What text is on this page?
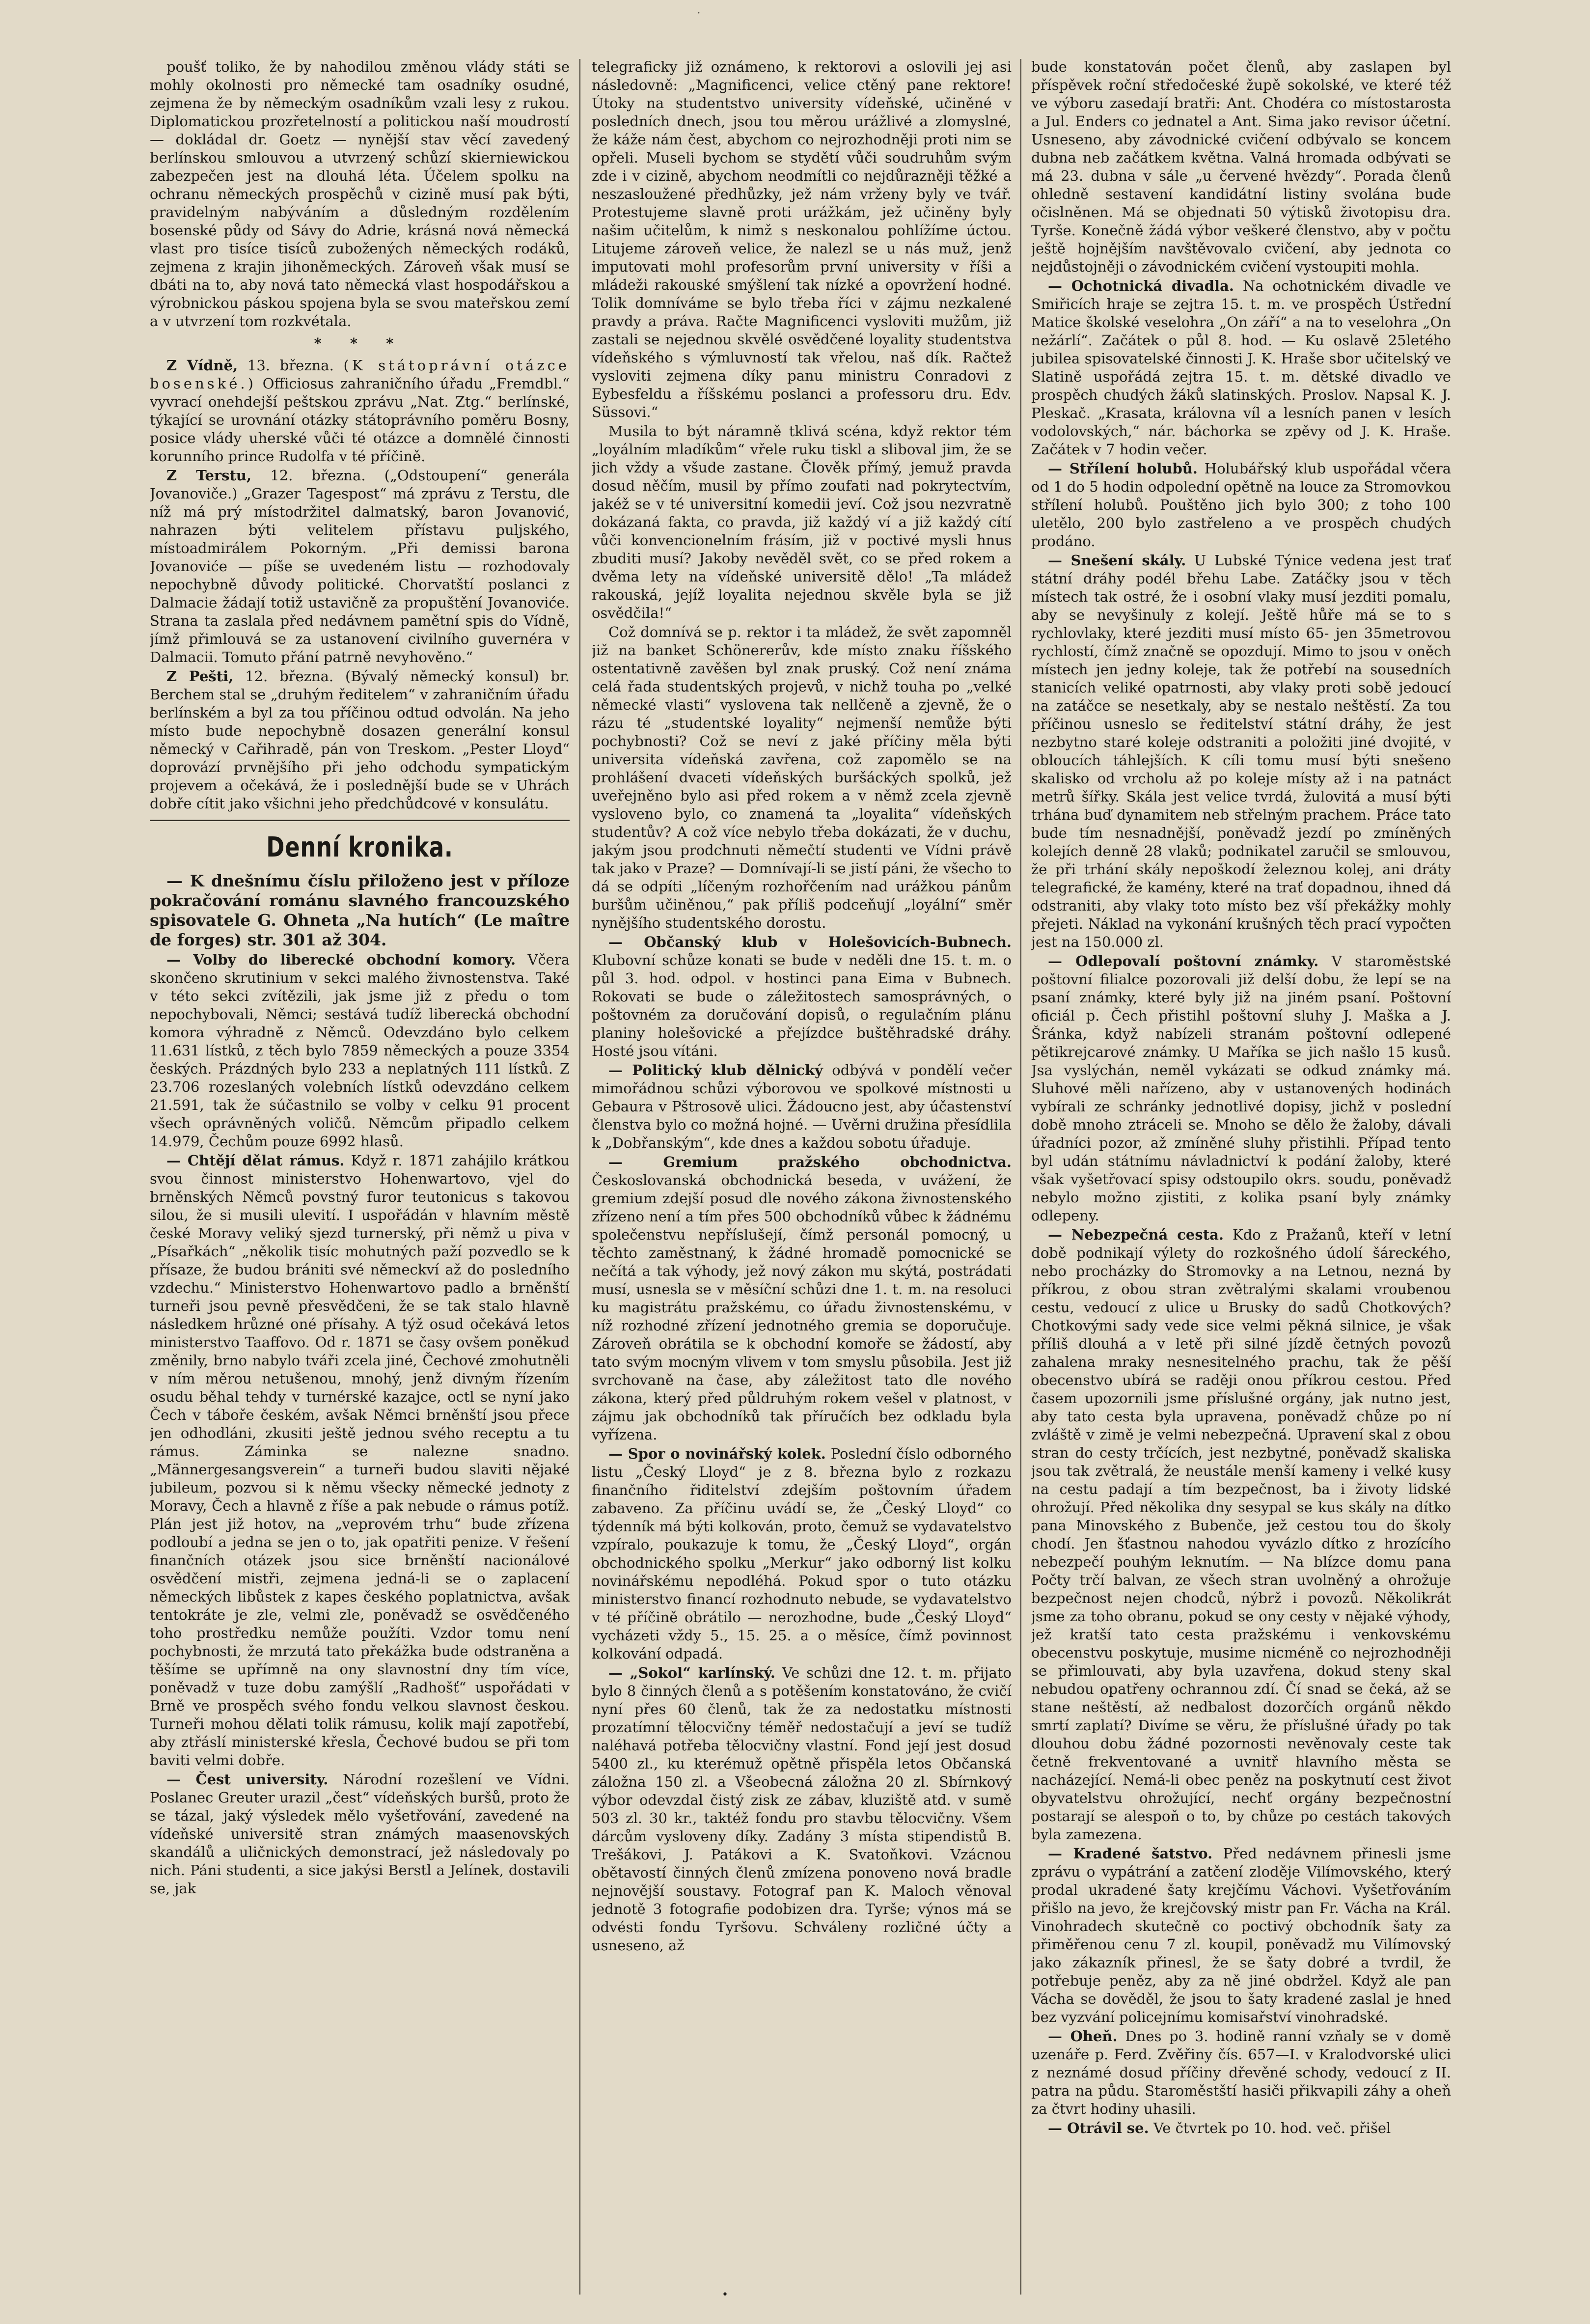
·

poušť toliko, že by nahodilou změnou vlády státi se mohly okolnosti pro německé tam osadníky osudné, zejmena že by německým osadníkům vzali lesy z rukou. Diplomatickou prozřetelností a politickou naší moudrostí — dokládal dr. Goetz — nynější stav věcí zavedený berlínskou smlouvou a utvrzený schůzí skierniewickou zabezpečen jest na dlouhá léta. Účelem spolku na ochranu německých prospěchů v cizině musí pak býti, pravidelným nabýváním a důsledným rozdělením bosenské půdy od Sávy do Adrie, krásná nová německá vlast pro tisíce tisíců zubožených německých rodáků, zejmena z krajin jihoněmeckých. Zároveň však musí se dbáti na to, aby nová tato německá vlast hospodářskou a výrobnickou páskou spojena byla se svou mateřskou zemí a v utvrzení tom rozkvétala.

* * *

Z Vídně, 13. března. (K státoprávní otázce bosenské.) Officiosus zahraničního úřadu „Fremdbl.“ vyvrací onehdejší peštskou zprávu „Nat. Ztg.“ berlínské, týkající se urovnání otázky státoprávního poměru Bosny, posice vlády uherské vůči té otázce a domnělé činnosti korunního prince Rudolfa v té příčině.

Z Terstu, 12. března. („Odstoupení“ generála Jovanoviče.) „Grazer Tagespost“ má zprávu z Terstu, dle níž má prý místodržitel dalmatský, baron Jovanović, nahrazen býti velitelem přístavu puljského, místoadmirálem Pokorným. „Při demissi barona Jovanoviće — píše se uvedeném listu — rozhodovaly nepochybně důvody politické. Chorvatští poslanci z Dalmacie žádají totiž ustavičně za propuštění Jovanoviće. Strana ta zaslala před nedávnem pamětní spis do Vídně, jímž přimlouvá se za ustanovení civilního guvernéra v Dalmacii. Tomuto přání patrně nevyhověno.“

Z Pešti, 12. března. (Bývalý německý konsul) br. Berchem stal se „druhým ředitelem“ v zahraničním úřadu berlínském a byl za tou příčinou odtud odvolán. Na jeho místo bude nepochybně dosazen generální konsul německý v Cařihradě, pán von Treskom. „Pester Lloyd“ doprovází prvnějšího při jeho odchodu sympatickým projevem a očekává, že i poslednější bude se v Uhrách dobře cítit jako všichni jeho předchůdcové v konsulátu.

Denní kronika.

— K dnešnímu číslu přiloženo jest v příloze pokračování románu slavného francouzského spisovatele G. Ohneta „Na hutích“ (Le maître de forges) str. 301 až 304.

— Volby do liberecké obchodní komory. Včera skončeno skrutinium v sekci malého živnostenstva. Také v této sekci zvítězili, jak jsme již z předu o tom nepochybovali, Němci; sestává tudíž liberecká obchodní komora výhradně z Němců. Odevzdáno bylo celkem 11.631 lístků, z těch bylo 7859 německých a pouze 3354 českých. Prázdných bylo 233 a neplatných 111 lístků. Z 23.706 rozeslaných volebních lístků odevzdáno celkem 21.591, tak že súčastnilo se volby v celku 91 procent všech oprávněných voličů. Němcům připadlo celkem 14.979, Čechům pouze 6992 hlasů.

— Chtějí dělat rámus. Když r. 1871 zahájilo krátkou svou činnost ministerstvo Hohenwartovo, vjel do brněnských Němců povstný furor teutonicus s takovou silou, že si musili ulevití. I uspořádán v hlavním městě české Moravy veliký sjezd turnerský, při němž u piva v „Písařkách“ „několik tisíc mohutných paží pozvedlo se k přísaze, že budou brániti své německví až do posledního vzdechu.“ Ministerstvo Hohenwartovo padlo a brněnští turneři jsou pevně přesvědčeni, že se tak stalo hlavně následkem hrůzné oné přísahy. A týž osud očekává letos ministerstvo Taaffovo. Od r. 1871 se časy ovšem poněkud změnily, brno nabylo tváři zcela jiné, Čechové zmohutněli v ním měrou netušenou, mnohý, jenž divným řízením osudu běhal tehdy v turnérské kazajce, octl se nyní jako Čech v táboře českém, avšak Němci brněnští jsou přece jen odhodláni, zkusiti ještě jednou svého receptu a tu rámus. Záminka se nalezne snadno. „Männergesangsverein“ a turneři budou slaviti nějaké jubileum, pozvou si k němu všecky německé jednoty z Moravy, Čech a hlavně z říše a pak nebude o rámus potíž. Plán jest již hotov, na „veprovém trhu“ bude zřízena podloubí a jedna se jen o to, jak opatřiti penize. V řešení finančních otázek jsou sice brněnští nacionálové osvědčení mistři, zejmena jedná-li se o zaplacení německých libůstek z kapes českého poplatnictva, avšak tentokráte je zle, velmi zle, poněvadž se osvědčeného toho prostředku nemůže použíti. Vzdor tomu není pochybnosti, že mrzutá tato překážka bude odstraněna a těšíme se upřímně na ony slavnostní dny tím více, poněvadž v tuze dobu zamýšlí „Radhošť“ uspořádati v Brně ve prospěch svého fondu velkou slavnost českou. Turneři mohou dělati tolik rámusu, kolik mají zapotřebí, aby ztřáslí ministerské křesla, Čechové budou se při tom baviti velmi dobře.

— Čest university. Národní rozešlení ve Vídni. Poslanec Greuter urazil „čest“ vídeňských buršů, proto že se tázal, jaký výsledek mělo vyšetřování, zavedené na vídeňské universitě stran známých maasenovských skandálů a uličnických demonstrací, jež následovaly po nich. Páni studenti, a sice jakýsi Berstl a Jelínek, dostavili se, jak

telegraficky již oznámeno, k rektorovi a oslovili jej asi následovně: „Magnificenci, velice ctěný pane rektore! Útoky na studentstvo university vídeňské, učiněné v posledních dnech, jsou tou měrou urážlivé a zlomyslné, že káže nám čest, abychom co nejrozhodněji proti nim se opřeli. Museli bychom se stydětí vůči soudruhům svým zde i v cizině, abychom neodmítli co nejdůrazněji těžké a neszasloužené předhůzky, jež nám vrženy byly ve tvář. Protestujeme slavně proti urážkám, jež učiněny byly našim učitelům, k nimž s neskonalou pohlížíme úctou. Litujeme zároveň velice, že nalezl se u nás muž, jenž imputovati mohl profesorům první university v říši a mládeži rakouské smýšlení tak nízké a opovržení hodné. Tolik domníváme se bylo třeba říci v zájmu nezkalené pravdy a práva. Račte Magnificenci vysloviti mužům, již zastali se nejednou skvělé osvědčené loyality studentstva vídeňského s výmluvností tak vřelou, naš dík. Račtež vysloviti zejmena díky panu ministru Conradovi z Eybesfeldu a říšskému poslanci a professoru dru. Edv. Süssovi.“

Musila to být náramně tklivá scéna, když rektor tém „loyálním mladíkům“ vřele ruku tiskl a sliboval jim, že se jich vždy a všude zastane. Člověk přímý, jemuž pravda dosud něčím, musil by přímo zoufati nad pokrytectvím, jakéž se v té universitní komedii jeví. Což jsou nezvratně dokázaná fakta, co pravda, již každý ví a již každý cítí vůči konvencionelním frásím, již v poctivé mysli hnus zbuditi musí? Jakoby nevěděl svět, co se před rokem a dvěma lety na vídeňské universitě dělo! „Ta mládež rakouská, jejíž loyalita nejednou skvěle byla se již osvědčila!“

Což domnívá se p. rektor i ta mládež, že svět zapomněl již na banket Schönererův, kde místo znaku říšského ostentativně zavěšen byl znak pruský. Což není známa celá řada studentských projevů, v nichž touha po „velké německé vlasti“ vyslovena tak nellčeně a zjevně, že o rázu té „studentské loyality“ nejmenší nemůže býti pochybnosti? Což se neví z jaké příčiny měla býti universita vídeňská zavřena, což zapomělo se na prohlášení dvaceti vídeňských buršáckých spolků, jež uveřejněno bylo asi před rokem a v němž zcela zjevně vysloveno bylo, co znamená ta „loyalita“ vídeňských studentův? A což více nebylo třeba dokázati, že v duchu, jakým jsou prodchnuti němečtí studenti ve Vídni právě tak jako v Praze? — Domnívají-li se jistí páni, že všecho to dá se odpíti „líčeným rozhořčením nad urážkou pánům buršům učiněnou,“ pak příliš podceňují „loyální“ směr nynějšího studentského dorostu.

— Občanský klub v Holešovicích-Bubnech. Klubovní schůze konati se bude v neděli dne 15. t. m. o půl 3. hod. odpol. v hostinci pana Eima v Bubnech. Rokovati se bude o záležitostech samosprávných, o poštovném za doručování dopisů, o regulačním plánu planiny holešovické a přejízdce buštěhradské dráhy. Hosté jsou vítáni.

— Politický klub dělnický odbývá v pondělí večer mimořádnou schůzi výborovou ve spolkové místnosti u Gebaura v Pštrosově ulici. Žádoucno jest, aby účastenství členstva bylo co možná hojné. — Uvěrni družina přesídlila k „Dobřanským“, kde dnes a každou sobotu úřaduje.

— Gremium pražského obchodnictva. Českoslovanská obchodnická beseda, v uvážení, že gremium zdejší posud dle nového zákona živnostenského zřízeno není a tím přes 500 obchodníků vůbec k žádnému společenstvu nepříslušejí, čímž personál pomocný, u těchto zaměstnaný, k žádné hromadě pomocnické se nečítá a tak výhody, jež nový zákon mu skýtá, postrádati musí, usnesla se v měsíční schůzi dne 1. t. m. na resoluci ku magistrátu pražskému, co úřadu živnostenskému, v níž rozhodné zřízení jednotného gremia se doporučuje. Zároveň obrátila se k obchodní komoře se žádostí, aby tato svým mocným vlivem v tom smyslu působila. Jest již svrchovaně na čase, aby záležitost tato dle nového zákona, který před půldruhým rokem vešel v platnost, v zájmu jak obchodníků tak příručích bez odkladu byla vyřízena.

— Spor o novinářský kolek. Poslední číslo odborného listu „Český Lloyd“ je z 8. března bylo z rozkazu finančního řiditelství zdejším poštovním úřadem zabaveno. Za příčinu uvádí se, že „Český Lloyd“ co týdenník má býti kolkován, proto, čemuž se vydavatelstvo vzpíralo, poukazuje k tomu, že „Český Lloyd“, orgán obchodnického spolku „Merkur“ jako odborný list kolku novinářskému nepodléhá. Pokud spor o tuto otázku ministerstvo financí rozhodnuto nebude, se vydavatelstvo v té příčině obrátilo — nerozhodne, bude „Český Lloyd“ vycházeti vždy 5., 15. 25. a o měsíce, čímž povinnost kolkování odpadá.

— „Sokol“ karlínský. Ve schůzi dne 12. t. m. přijato bylo 8 činných členů a s potěšením konstatováno, že cvičí nyní přes 60 členů, tak že za nedostatku místnosti prozatímní tělocvičny téměř nedostačují a jeví se tudíž naléhavá potřeba tělocvičny vlastní. Fond její jest dosud 5400 zl., ku kterémuž opětně přispěla letos Občanská záložna 150 zl. a Všeobecná záložna 20 zl. Sbírnkový výbor odevzdal čistý zisk ze zábav, kluziště atd. v sumě 503 zl. 30 kr., taktéž fondu pro stavbu tělocvičny. Všem dárcům vysloveny díky. Zadány 3 místa stipendistů B. Trešákovi, J. Patákovi a K. Svatoňkovi. Vzácnou obětavostí činných členů zmízena ponoveno nová bradle nejnovější soustavy. Fotograf pan K. Maloch věnoval jednotě 3 fotografie podobizen dra. Tyrše; výnos má se odvésti fondu Tyršovu. Schváleny rozličné účty a usneseno, až

bude konstatován počet členů, aby zaslapen byl příspěvek roční středočeské župě sokolské, ve které též ve výboru zasedají bratři: Ant. Chodéra co místostarosta a Jul. Enders co jednatel a Ant. Sima jako revisor účetní. Usneseno, aby závodnické cvičení odbývalo se koncem dubna neb začátkem května. Valná hromada odbývati se má 23. dubna v sále „u červené hvězdy“. Porada členů ohledně sestavení kandidátní listiny svolána bude očislněnen. Má se objednati 50 výtisků životopisu dra. Tyrše. Konečně žádá výbor veškeré členstvo, aby v počtu ještě hojnějším navštěvovalo cvičení, aby jednota co nejdůstojněji o závodnickém cvičení vystoupiti mohla.

— Ochotnická divadla. Na ochotnickém divadle ve Smiřicích hraje se zejtra 15. t. m. ve prospěch Ústřední Matice školské veselohra „On září“ a na to veselohra „On nežárlí“. Začátek o půl 8. hod. — Ku oslavě 25letého jubilea spisovatelské činnosti J. K. Hraše sbor učitelský ve Slatině uspořádá zejtra 15. t. m. dětské divadlo ve prospěch chudých žáků slatinských. Proslov. Napsal K. J. Pleskač. „Krasata, královna víl a lesních panen v lesích vodolovských,“ nár. báchorka se zpěvy od J. K. Hraše. Začátek v 7 hodin večer.

— Střílení holubů. Holubářský klub uspořádal včera od 1 do 5 hodin odpolední opětně na louce za Stromovkou střílení holubů. Pouštěno jich bylo 300; z toho 100 uletělo, 200 bylo zastřeleno a ve prospěch chudých prodáno.

— Snešení skály. U Lubské Týnice vedena jest trať státní dráhy podél břehu Labe. Zatáčky jsou v těch místech tak ostré, že i osobní vlaky musí jezditi pomalu, aby se nevyšinuly z kolejí. Ještě hůře má se to s rychlovlaky, které jezditi musí místo 65- jen 35metrovou rychlostí, čímž značně se opozdují. Mimo to jsou v oněch místech jen jedny koleje, tak že potřebí na sousedních stanicích veliké opatrnosti, aby vlaky proti sobě jedoucí na zatáčce se nesetkaly, aby se nestalo neštěstí. Za tou příčinou usneslo se ředitelství státní dráhy, že jest nezbytno staré koleje odstraniti a položiti jiné dvojité, v obloucích táhlejších. K cíli tomu musí býti snešeno skalisko od vrcholu až po koleje místy až i na patnáct metrů šířky. Skála jest velice tvrdá, žulovitá a musí býti trhána buď dynamitem neb střelným prachem. Práce tato bude tím nesnadnější, poněvadž jezdí po zmíněných kolejích denně 28 vlaků; podnikatel zaručil se smlouvou, že při trhání skály nepoškodí železnou kolej, ani dráty telegrafické, že kamény, které na trať dopadnou, ihned dá odstraniti, aby vlaky toto místo bez vší překážky mohly přejeti. Náklad na vykonání krušných těch prací vypočten jest na 150.000 zl.

— Odlepovalí poštovní známky. V staroměstské poštovní filialce pozorovali již delší dobu, že lepí se na psaní známky, které byly již na jiném psaní. Poštovní oficiál p. Čech přistihl poštovní sluhy J. Maška a J. Šránka, když nabízeli stranám poštovní odlepené pětikrejcarové známky. U Maříka se jich našlo 15 kusů. Jsa vyslýchán, neměl vykázati se odkud známky má. Sluhové měli nařízeno, aby v ustanovených hodinách vybírali ze schránky jednotlivé dopisy, jichž v poslední době mnoho ztráceli se. Mnoho se dělo že žaloby, dávali úřadníci pozor, až zmíněné sluhy přistihli. Případ tento byl udán státnímu návladnictví k podání žaloby, které však vyšetřovací spisy odstoupilo okrs. soudu, poněvadž nebylo možno zjistiti, z kolika psaní byly známky odlepeny.

— Nebezpečná cesta. Kdo z Pražanů, kteří v letní době podnikají výlety do rozkošného údolí šáreckého, nebo procházky do Stromovky a na Letnou, nezná by příkrou, z obou stran zvětralými skalami vroubenou cestu, vedoucí z ulice u Brusky do sadů Chotkových? Chotkovými sady vede sice velmi pěkná silnice, je však příliš dlouhá a v letě při silné jízdě četných povozů zahalena mraky nesnesitelného prachu, tak že pěší obecenstvo ubírá se raději onou příkrou cestou. Před časem upozornili jsme příslušné orgány, jak nutno jest, aby tato cesta byla upravena, poněvadž chůze po ní zvláště v zimě je velmi nebezpečná. Upravení skal z obou stran do cesty trčících, jest nezbytné, poněvadž skaliska jsou tak zvětralá, že neustále menší kameny i velké kusy na cestu padají a tím bezpečnost, ba i životy lidské ohrožují. Před několika dny sesypal se kus skály na dítko pana Minovského z Bubenče, jež cestou tou do školy chodí. Jen šťastnou nahodou vyvázlo dítko z hrozícího nebezpečí pouhým leknutím. — Na blízce domu pana Počty trčí balvan, ze všech stran uvolněný a ohrožuje bezpečnost nejen chodců, nýbrž i povozů. Několikrát jsme za toho obranu, pokud se ony cesty v nějaké výhody, jež kratší tato cesta pražskému i venkovskému obecenstvu poskytuje, musime nicméně co nejrozhodněji se přimlouvati, aby byla uzavřena, dokud steny skal nebudou opatřeny ochrannou zdí. Čí snad se čeká, až se stane neštěstí, až nedbalost dozorčích orgánů někdo smrtí zaplatí? Divíme se věru, že příslušné úřady po tak dlouhou dobu žádné pozornosti nevěnovaly ceste tak četně frekventované a uvnitř hlavního města se nacházející. Nemá-li obec peněz na poskytnutí cest život obyvatelstvu ohrožující, nechť orgány bezpečnostní postarají se alespoň o to, by chůze po cestách takových byla zamezena.

— Kradené šatstvo. Před nedávnem přinesli jsme zprávu o vypátrání a zatčení zloděje Vilímovského, který prodal ukradené šaty krejčímu Váchovi. Vyšetřováním přišlo na jevo, že krejčovský mistr pan Fr. Vácha na Král. Vinohradech skutečně co poctivý obchodník šaty za přiměřenou cenu 7 zl. koupil, poněvadž mu Vilímovský jako zákazník přinesl, že se šaty dobré a tvrdil, že potřebuje peněz, aby za ně jiné obdržel. Když ale pan Vácha se dověděl, že jsou to šaty kradené zaslal je hned bez vyzvání policejnímu komisařství vinohradské.

— Oheň. Dnes po 3. hodině ranní vzňaly se v domě uzenáře p. Ferd. Zvěřiny čís. 657—I. v Kralodvorské ulici z neznámé dosud příčiny dřevěné schody, vedoucí z II. patra na půdu. Staroměstští hasiči přikvapili záhy a oheň za čtvrt hodiny uhasili.

— Otrávil se. Ve čtvrtek po 10. hod. več. přišel

•
